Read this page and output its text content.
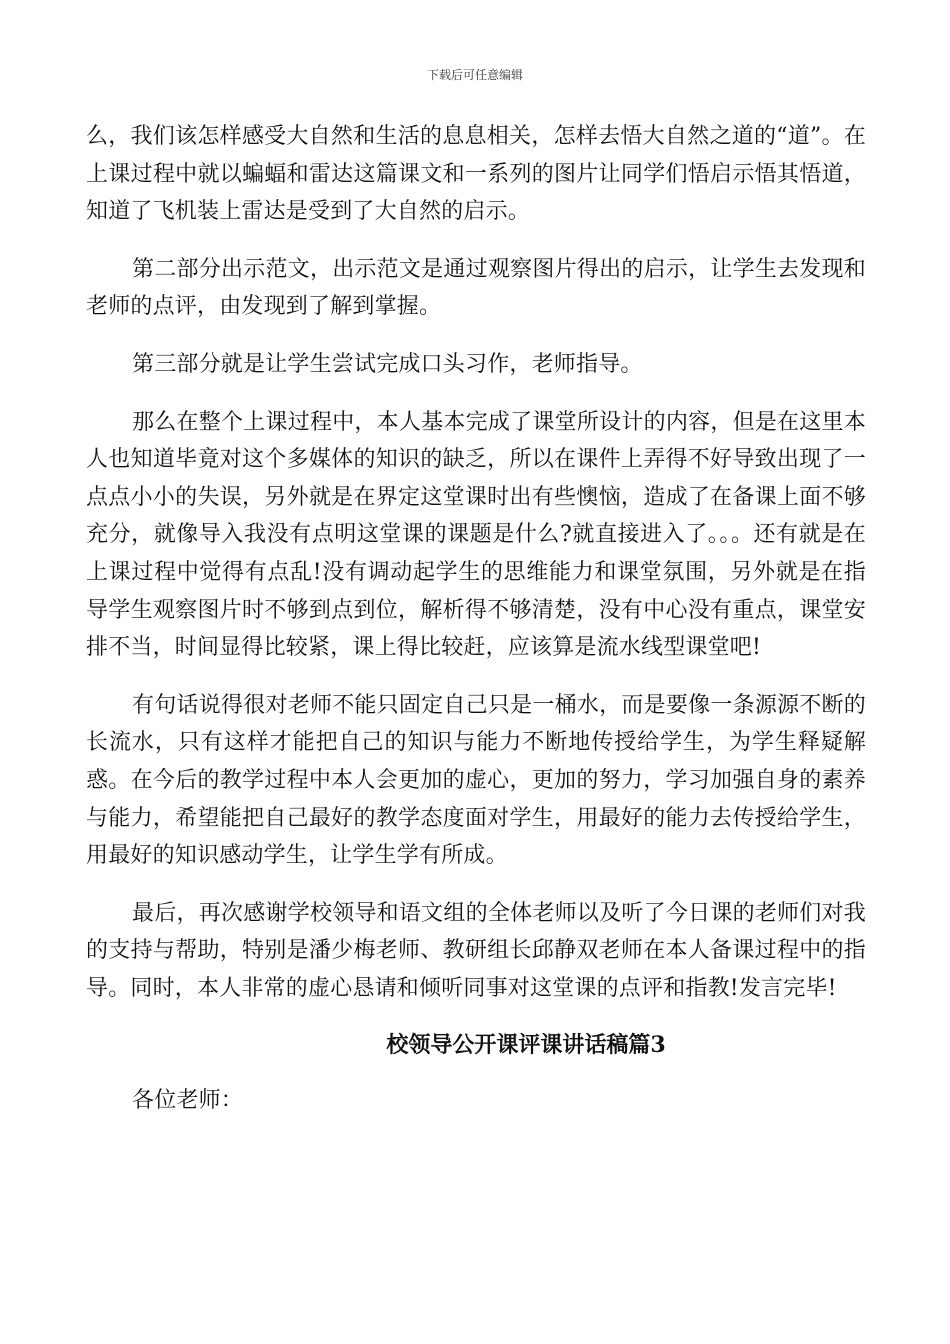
下载后可任意编辑

么，我们该怎样感受大自然和生活的息息相关，怎样去悟大自然之道的“道”。在上课过程中就以蝙蝠和雷达这篇课文和一系列的图片让同学们悟启示悟其悟道，知道了飞机装上雷达是受到了大自然的启示。

第二部分出示范文，出示范文是通过观察图片得出的启示，让学生去发现和老师的点评，由发现到了解到掌握。

第三部分就是让学生尝试完成口头习作，老师指导。

那么在整个上课过程中，本人基本完成了课堂所设计的内容，但是在这里本人也知道毕竟对这个多媒体的知识的缺乏，所以在课件上弄得不好导致出现了一点点小小的失误，另外就是在界定这堂课时出有些懊恼，造成了在备课上面不够充分，就像导入我没有点明这堂课的课题是什么?就直接进入了。。。还有就是在上课过程中觉得有点乱!没有调动起学生的思维能力和课堂氛围，另外就是在指导学生观察图片时不够到点到位，解析得不够清楚，没有中心没有重点，课堂安排不当，时间显得比较紧，课上得比较赶，应该算是流水线型课堂吧!

有句话说得很对老师不能只固定自己只是一桶水，而是要像一条源源不断的长流水，只有这样才能把自己的知识与能力不断地传授给学生，为学生释疑解惑。在今后的教学过程中本人会更加的虚心，更加的努力，学习加强自身的素养与能力，希望能把自己最好的教学态度面对学生，用最好的能力去传授给学生，用最好的知识感动学生，让学生学有所成。

最后，再次感谢学校领导和语文组的全体老师以及听了今日课的老师们对我的支持与帮助，特别是潘少梅老师、教研组长邱静双老师在本人备课过程中的指导。同时，本人非常的虚心恳请和倾听同事对这堂课的点评和指教!发言完毕!

校领导公开课评课讲话稿篇3

各位老师：
